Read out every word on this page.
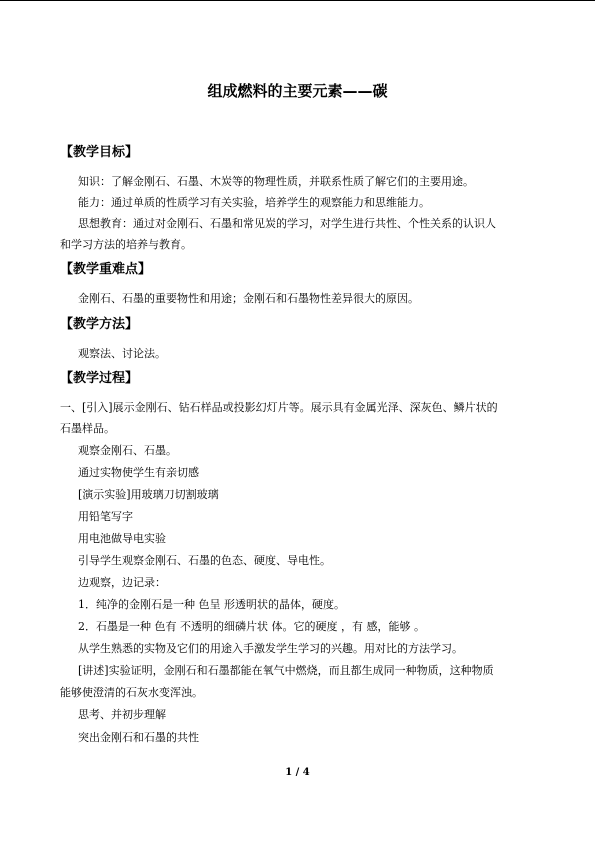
组成燃料的主要元素——碳
【教学目标】
知识：了解金刚石、石墨、木炭等的物理性质，并联系性质了解它们的主要用途。
能力：通过单质的性质学习有关实验，培养学生的观察能力和思维能力。
思想教育：通过对金刚石、石墨和常见炭的学习，对学生进行共性、个性关系的认识人
和学习方法的培养与教育。
【教学重难点】
金刚石、石墨的重要物性和用途；金刚石和石墨物性差异很大的原因。
【教学方法】
观察法、讨论法。
【教学过程】
一、[引入]展示金刚石、钻石样品或投影幻灯片等。展示具有金属光泽、深灰色、鳞片状的
石墨样品。
观察金刚石、石墨。
通过实物使学生有亲切感
[演示实验]用玻璃刀切割玻璃
用铅笔写字
用电池做导电实验
引导学生观察金刚石、石墨的色态、硬度、导电性。
边观察，边记录：
1．纯净的金刚石是一种 色呈 形透明状的晶体，硬度。
2．石墨是一种 色有 不透明的细磷片状 体。它的硬度 ，有 感，能够 。
从学生熟悉的实物及它们的用途入手激发学生学习的兴趣。用对比的方法学习。
[讲述]实验证明，金刚石和石墨都能在氧气中燃烧，而且都生成同一种物质，这种物质
能够使澄清的石灰水变浑浊。
思考、并初步理解
突出金刚石和石墨的共性
1 / 4
